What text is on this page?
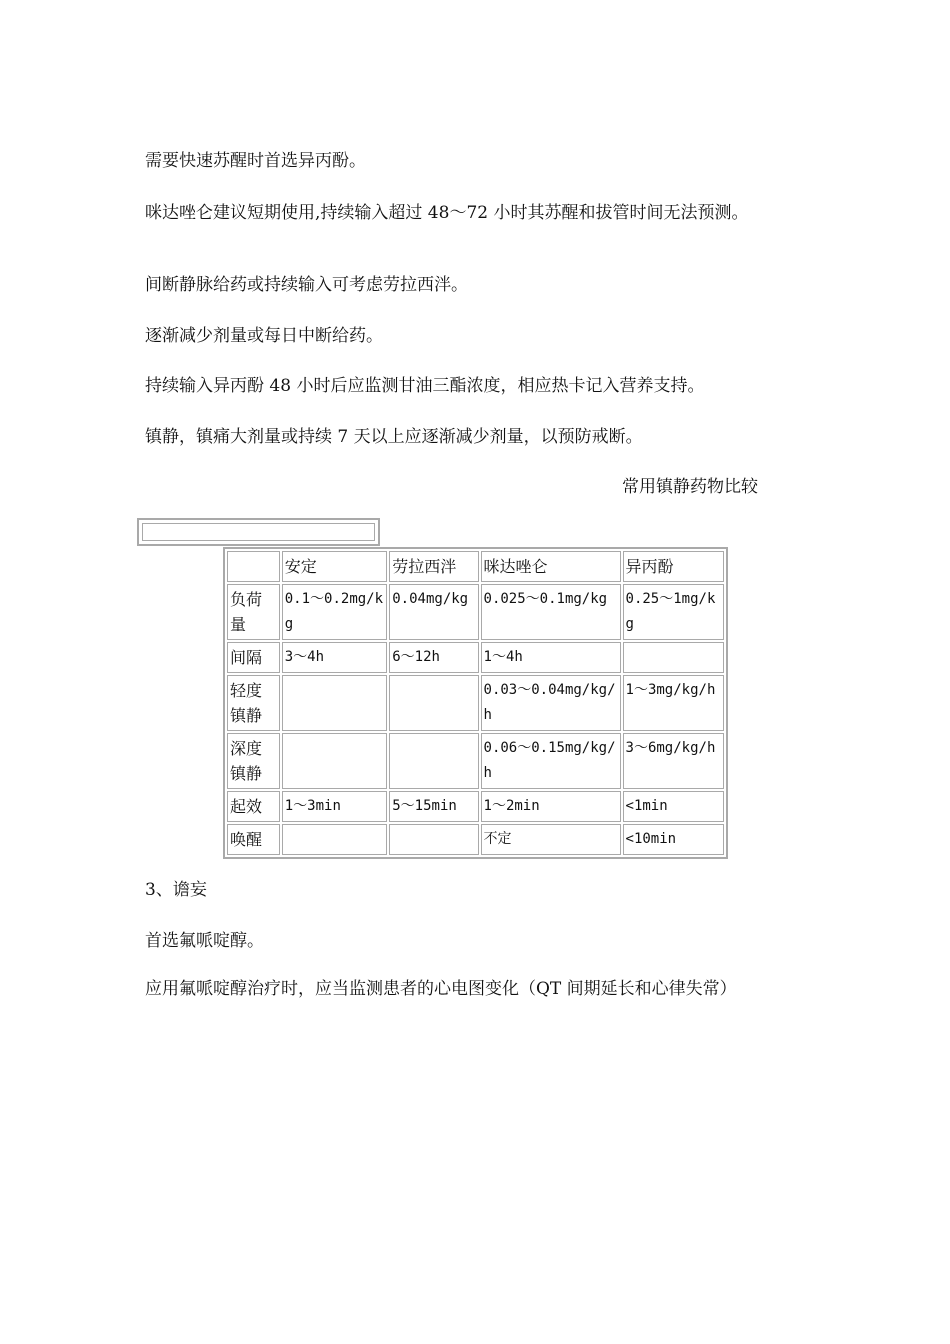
需要快速苏醒时首选异丙酚。

咪达唑仑建议短期使用,持续输入超过 48～72 小时其苏醒和拔管时间无法预测。

间断静脉给药或持续输入可考虑劳拉西泮。

逐渐减少剂量或每日中断给药。

持续输入异丙酚 48 小时后应监测甘油三酯浓度，相应热卡记入营养支持。

镇静，镇痛大剂量或持续 7 天以上应逐渐减少剂量，以预防戒断。

常用镇静药物比较

	安定	劳拉西泮	咪达唑仑	异丙酚
负荷量	0.1～0.2mg/kg	0.04mg/kg	0.025～0.1mg/kg	0.25～1mg/kg
间隔	3～4h	6～12h	1～4h	
轻度镇静			0.03～0.04mg/kg/h	1～3mg/kg/h
深度镇静			0.06～0.15mg/kg/h	3～6mg/kg/h
起效	1～3min	5～15min	1～2min	<1min
唤醒			不定	<10min

3、谵妄

首选氟哌啶醇。

应用氟哌啶醇治疗时，应当监测患者的心电图变化（QT 间期延长和心律失常）
